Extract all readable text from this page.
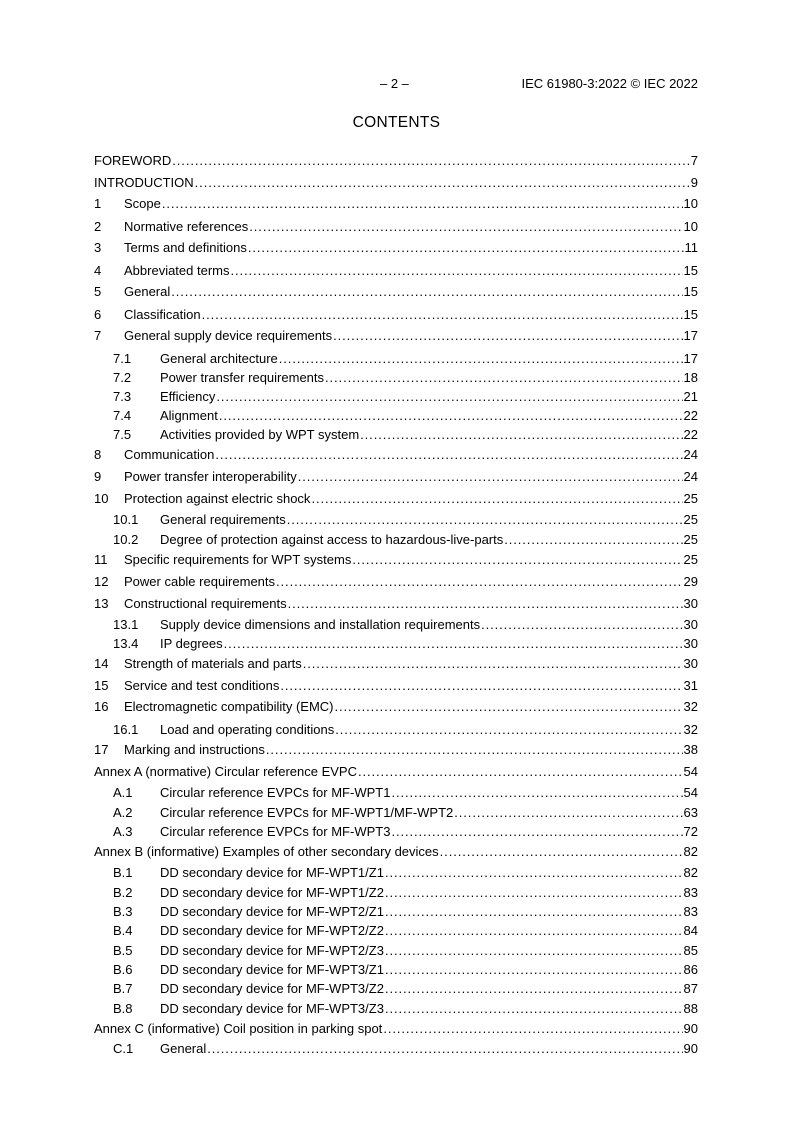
– 2 –	IEC 61980-3:2022 © IEC 2022
CONTENTS
FOREWORD .....	7
INTRODUCTION .....	9
1	Scope .....	10
2	Normative references .....	10
3	Terms and definitions .....	11
4	Abbreviated terms .....	15
5	General .....	15
6	Classification .....	15
7	General supply device requirements .....	17
7.1	General architecture .....	17
7.2	Power transfer requirements .....	18
7.3	Efficiency .....	21
7.4	Alignment .....	22
7.5	Activities provided by WPT system .....	22
8	Communication .....	24
9	Power transfer interoperability .....	24
10	Protection against electric shock .....	25
10.1	General requirements .....	25
10.2	Degree of protection against access to hazardous-live-parts .....	25
11	Specific requirements for WPT systems .....	25
12	Power cable requirements .....	29
13	Constructional requirements .....	30
13.1	Supply device dimensions and installation requirements .....	30
13.4	IP degrees .....	30
14	Strength of materials and parts .....	30
15	Service and test conditions .....	31
16	Electromagnetic compatibility (EMC) .....	32
16.1	Load and operating conditions .....	32
17	Marking and instructions .....	38
Annex A (normative) Circular reference EVPC .....	54
A.1	Circular reference EVPCs for MF-WPT1 .....	54
A.2	Circular reference EVPCs for MF-WPT1/MF-WPT2 .....	63
A.3	Circular reference EVPCs for MF-WPT3 .....	72
Annex B (informative) Examples of other secondary devices .....	82
B.1	DD secondary device for MF-WPT1/Z1 .....	82
B.2	DD secondary device for MF-WPT1/Z2 .....	83
B.3	DD secondary device for MF-WPT2/Z1 .....	83
B.4	DD secondary device for MF-WPT2/Z2 .....	84
B.5	DD secondary device for MF-WPT2/Z3 .....	85
B.6	DD secondary device for MF-WPT3/Z1 .....	86
B.7	DD secondary device for MF-WPT3/Z2 .....	87
B.8	DD secondary device for MF-WPT3/Z3 .....	88
Annex C (informative) Coil position in parking spot .....	90
C.1	General .....	90
